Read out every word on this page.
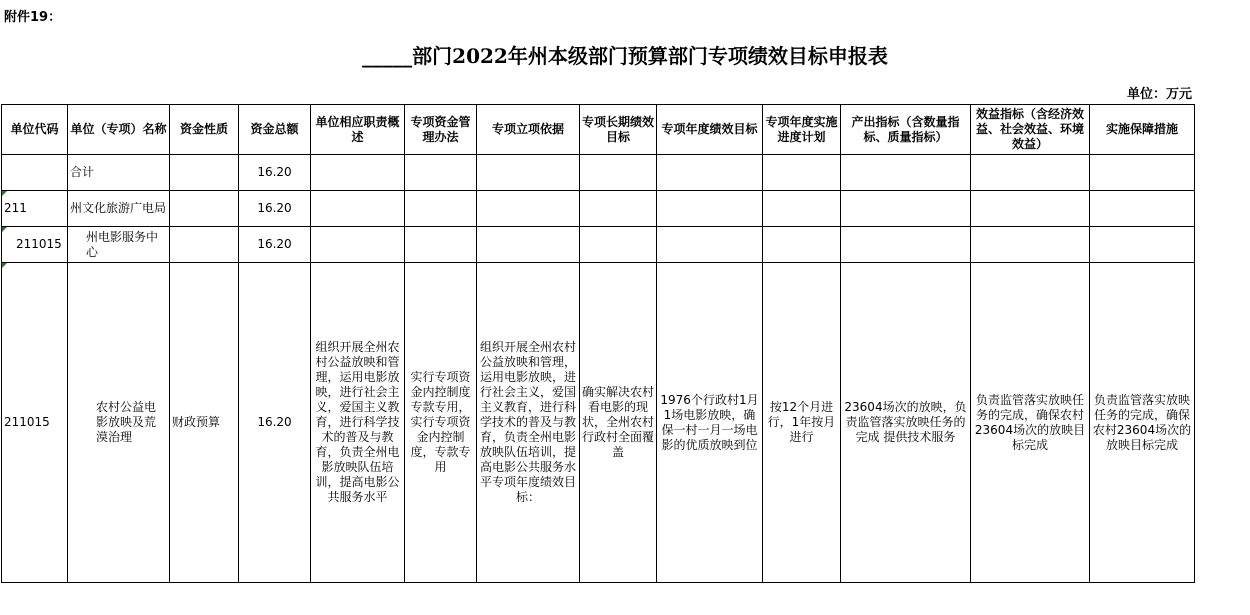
附件19：
_____部门2022年州本级部门预算部门专项绩效目标申报表
单位：万元
单位代码	单位（专项）名称	资金性质	资金总额	单位相应职责概述	专项资金管理办法	专项立项依据	专项长期绩效目标	专项年度绩效目标	专项年度实施进度计划	产出指标（含数量指标、质量指标）	效益指标（含经济效益、社会效益、环境效益）	实施保障措施
	合计		16.20									
211	州文化旅游广电局		16.20									
211015	州电影服务中心		16.20									
211015	农村公益电影放映及荒漠治理	财政预算	16.20	组织开展全州农村公益放映和管理，运用电影放映，进行社会主义，爱国主义教育，进行科学技术的普及与教育，负责全州电影放映队伍培训，提高电影公共服务水平	实行专项资金内控制度专款专用，实行专项资金内控制度，专款专用	组织开展全州农村公益放映和管理，运用电影放映，进行社会主义，爱国主义教育，进行科学技术的普及与教育，负责全州电影放映队伍培训，提高电影公共服务水平专项年度绩效目标：	确实解决农村看电影的现状，全州农村行政村全面覆盖	1976个行政村1月1场电影放映，确保一村一月一场电影的优质放映到位	按12个月进行，1年按月进行	23604场次的放映，负责监管落实放映任务的完成 提供技术服务	负责监管落实放映任务的完成，确保农村23604场次的放映目标完成	负责监管落实放映任务的完成，确保农村23604场次的放映目标完成
